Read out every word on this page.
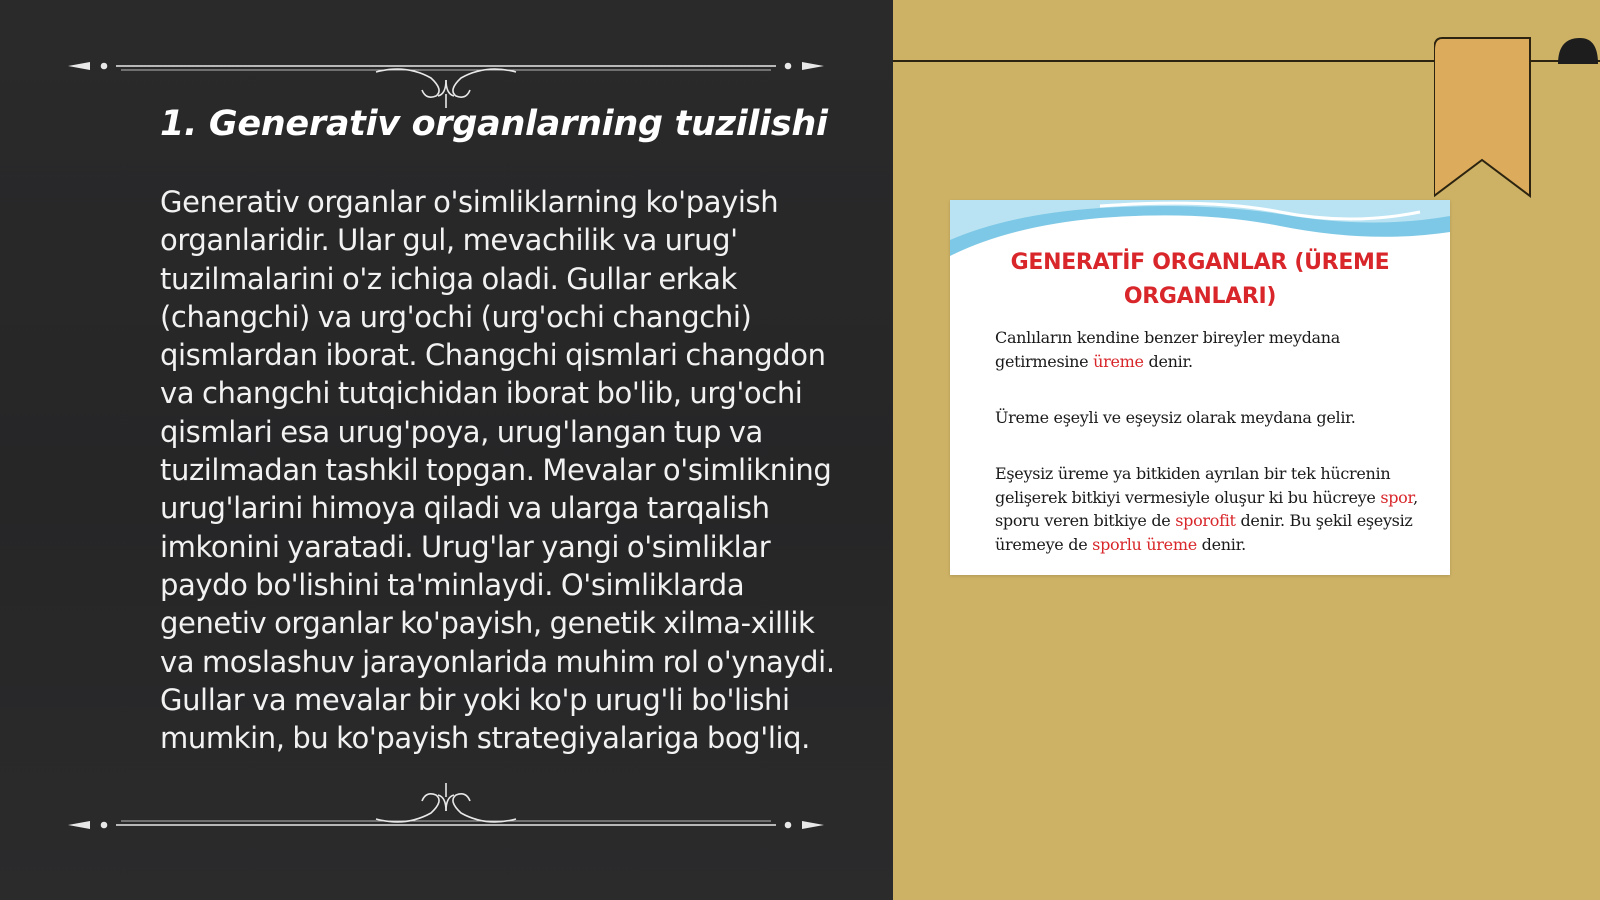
1. Generativ organlarning tuzilishi

Generativ organlar o'simliklarning ko'payish organlaridir. Ular gul, mevachilik va urug' tuzilmalarini o'z ichiga oladi. Gullar erkak (changchi) va urg'ochi (urg'ochi changchi) qismlardan iborat. Changchi qismlari changdon va changchi tutqichidan iborat bo'lib, urg'ochi qismlari esa urug'poya, urug'langan tup va tuzilmadan tashkil topgan. Mevalar o'simlikning urug'larini himoya qiladi va ularga tarqalish imkonini yaratadi. Urug'lar yangi o'simliklar paydo bo'lishini ta'minlaydi. O'simliklarda genetiv organlar ko'payish, genetik xilma-xillik va moslashuv jarayonlarida muhim rol o'ynaydi. Gullar va mevalar bir yoki ko'p urug'li bo'lishi mumkin, bu ko'payish strategiyalariga bog'liq.

GENERATİF ORGANLAR (ÜREME ORGANLARI)

Canlıların kendine benzer bireyler meydana getirmesine üreme denir.

Üreme eşeyli ve eşeysiz olarak meydana gelir.

Eşeysiz üreme ya bitkiden ayrılan bir tek hücrenin gelişerek bitkiyi vermesiyle oluşur ki bu hücreye spor, sporu veren bitkiye de sporofit denir. Bu şekil eşeysiz üremeye de sporlu üreme denir.
